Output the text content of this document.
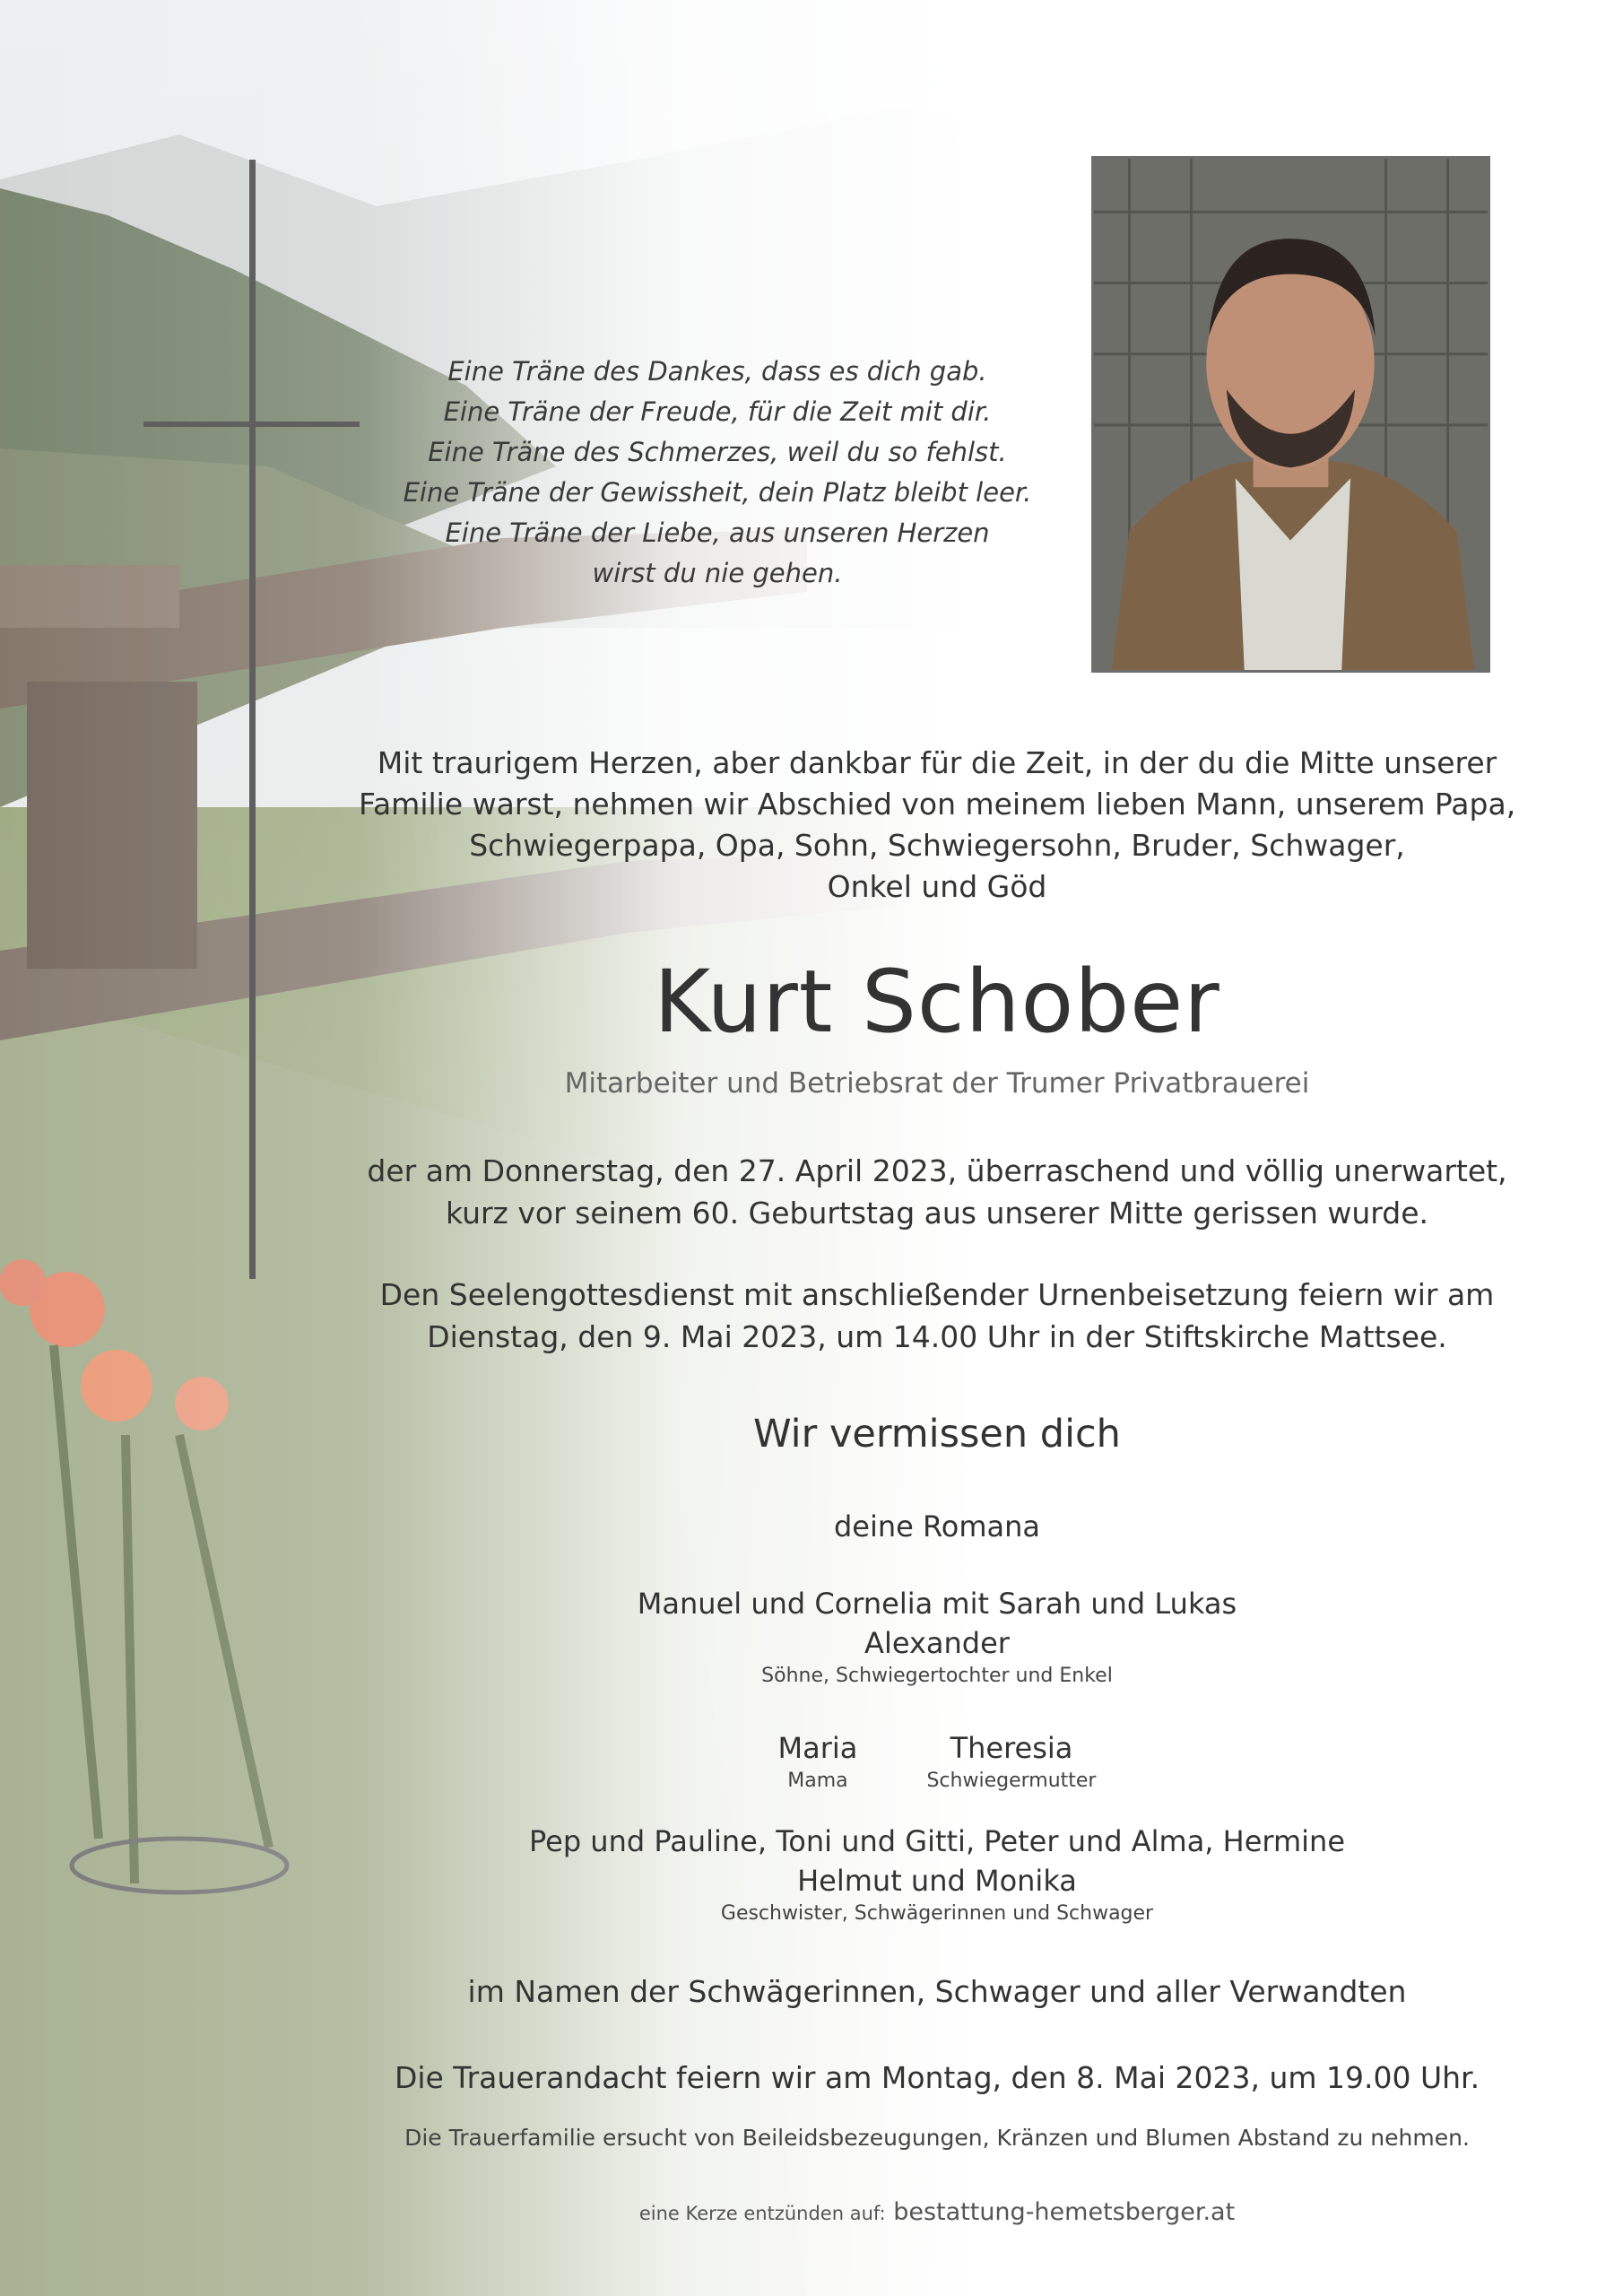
Eine Träne des Dankes, dass es dich gab.
Eine Träne der Freude, für die Zeit mit dir.
Eine Träne des Schmerzes, weil du so fehlst.
Eine Träne der Gewissheit, dein Platz bleibt leer.
Eine Träne der Liebe, aus unseren Herzen
wirst du nie gehen.
Mit traurigem Herzen, aber dankbar für die Zeit, in der du die Mitte unserer
Familie warst, nehmen wir Abschied von meinem lieben Mann, unserem Papa,
Schwiegerpapa, Opa, Sohn, Schwiegersohn, Bruder, Schwager,
Onkel und Göd
Kurt Schober
Mitarbeiter und Betriebsrat der Trumer Privatbrauerei
der am Donnerstag, den 27. April 2023, überraschend und völlig unerwartet,
kurz vor seinem 60. Geburtstag aus unserer Mitte gerissen wurde.
Den Seelengottesdienst mit anschließender Urnenbeisetzung feiern wir am
Dienstag, den 9. Mai 2023, um 14.00 Uhr in der Stiftskirche Mattsee.
Wir vermissen dich
deine Romana
Manuel und Cornelia mit Sarah und Lukas
Alexander
Söhne, Schwiegertochter und Enkel
Maria
Mama

Theresia
Schwiegermutter
Pep und Pauline, Toni und Gitti, Peter und Alma, Hermine
Helmut und Monika
Geschwister, Schwägerinnen und Schwager
im Namen der Schwägerinnen, Schwager und aller Verwandten
Die Trauerandacht feiern wir am Montag, den 8. Mai 2023, um 19.00 Uhr.
Die Trauerfamilie ersucht von Beileidsbezeugungen, Kränzen und Blumen Abstand zu nehmen.
eine Kerze entzünden auf: bestattung-hemetsberger.at
